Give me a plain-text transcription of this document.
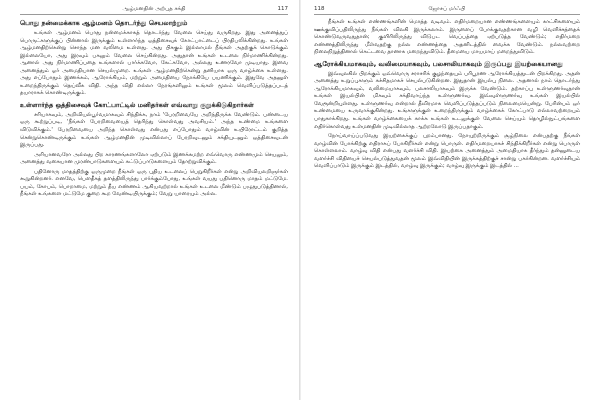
ஆழ்மனதின் அற்புத சக்தி	117
பொது நன்மைக்காக ஆழ்மனம் தொடர்ந்து செயலாற்றும்

உங்கள் ஆழ்மனம் பொது நன்மைக்காகத் தொடர்ந்து வேலை செய்து வருகிறது. இது அனைத்துப் பொருட்களுக்குப் பின்னால் இருக்கும் உள்ளார்ந்த ஒத்திசைவுக் கோட்பாட்டைப் பிரதிபலிக்கின்றது. உங்கள் ஆழ்மனதிற்கென்று சொந்த மன வலிமை உள்ளது. அது பிசகும் இல்லாமல் நீங்கள் அதற்குக் கொடுக்கும் இல்லையோ, அது இரவும் பகலும் வேலை செய்கின்றது. அதுதான் உங்கள் உடலை நிர்மாணிக்கின்றது. ஆனால் அது நிர்மாணிப்பதை உங்களால் பார்க்கவோ, கேட்கவோ, அல்லது உணரவோ முடியாது. இவை அனைத்தும் ஓர் அமைதியான செயல்முறை. உங்கள் ஆழ்மனதிற்கென்று தனியாக ஒரு வாழ்க்கை உள்ளது. அது எப்போதும் இணக்கம், ஆரோக்கியம், மற்றும் அமைதியை நோக்கியே பயணிக்கும். இதுவே அதனுள் உறைந்திருக்கும் தெய்வீக விதி. அந்த விதி எல்லா நேரங்களிலும் உங்கள் மூலம் வெளிப்படுத்தப்படத் தயாராகக் கொண்டிருக்கும்.

உள்ளார்ந்த ஒத்திசைவுக் கோட்பாட்டில் மனிதர்கள் எவ்வாறு குறுக்கிடுகிறார்கள்

சரியாகவும், அறிவியல்பூர்வமாகவும் சிந்திக்க, நாம் 'பேரறிவையே அறிந்திருக்க வேண்டும். பண்டைய ஒரு கூற்றுப்படி, 'நீங்கள் பேரறிவையைத் தெரிந்து கொள்வது அவசியம்.' அந்த உண்மை உங்களை விடுவிக்கும்.' பேரறிவையை அறிந்த கொள்வது என்பது எப்போதும் வாழ்வின் உயிரோட்டம் குறித்த சென்றுகொண்டிருக்கும் உங்கள் ஆழ்மனதின் முடிவில்லாப் பேரறிவுடனும் சக்தியுடனும் ஒத்திசைவுடன் இருப்பது.

அரியானவரோ அல்லது பிற காரணங்களாலோ ஏற்படும் இணக்கமற்ற எவ்வொரு எண்ணமும் செயலும், அனைத்து வகையான முரண்பாடுகளையும் கட்டுப்பாடுகளையும் தோற்றுவிக்கும்.

பதினோரு மாதத்திற்கு ஒருமுறை நீங்கள் ஒரு புதிய உடலைப் பெறுகிறீர்கள் என்று அறிவியலறிஞர்கள் கூறுகின்றனர். எனவே, பௌதீகத் தளத்திலிருந்து பார்க்கும்போது, உங்கள் வயது பதினொரு மாதம் மட்டுமே. பயம், கோபம், பொறாமை, மற்றும் தீய எண்ணம் ஆகியவற்றால் உங்கள் உடலை மீண்டும் பழுதுபடுத்தினால், நீங்கள் உங்களை மட்டுமே குறை கூற வேண்டியிருக்கும்; வேறு யாரையும் அல்ல.

118	ஜோசப் மர்ஃபி

நீங்கள் உங்கள் எண்ணங்களின் மொத்த வடிவம். எதிர்மறையான எண்ணங்களையும் காட்சிகளையும் ஊக்குவிப்பதிலிருந்து நீங்கள் விலகி இருக்கலாம். இருளைப் போக்குவதற்கான வழி வெளிச்சத்தைக் கொண்டுவருவதுதான்; குளிரிலிருந்து விடுபட வெப்பத்தை ஏற்படுத்த வேண்டும்; எதிர்மறை எண்ணத்திலிருந்து மீள்வதற்கு நல்ல எண்ணத்தை அதனிடத்தில் வைக்க வேண்டும். நல்லவற்றை நிலைநிறுத்தினால் கெட்டவை தானாக மறைந்துவிடும். தீமையை மாயமாய் மறைந்துவிடும்.

ஆரோக்கியமாகவும், வலிமையாகவும், பலசாலியாகவும் இருப்பது இயற்கையானது

இவ்வுலகில் பிறக்கும் ஒவ்வொரு சராசரிக் குழந்தையும் பரிபூரண ஆரோக்கியத்துடன் பிறக்கிறது. அதன் அனைத்து உறுப்புகளும் கச்சிதமாகச் செயல்படுகின்றன. இதுதான் இயல்பு நிலை. அதனால் நாம் தொடர்ந்து ஆரோக்கியமாகவும், வலிமையாகவும், பலசாலியாகவும் இருக்க வேண்டும். தற்காப்பு உள்ளுணர்வுதான் உங்கள் இயல்பின் மிகவும் சக்திவாய்ந்த உள்ளுணர்வு. இவ்வுள்ளுணர்வு உங்கள் இயல்பில் வேரூன்றியுள்ளது. உள்ளுணர்வு என்றால் தீவிரமாக வெளிப்படுத்தப்படும் நிலைமையென்று. பேரின்பம் ஒர் உண்மையை உருவாக்குகின்றது. உங்களுக்குள் உறைந்திருக்கும் வாழ்க்கைக் கோட்பாடு எல்லாவற்றையும் பாதுகாக்கிறது. உங்கள் வாழ்க்கையைக் காக்க உங்கள் உடலுக்குள் வேலை செய்யும் தொழில்நுட்பங்களை எதிர்கொள்வது உள்மனதின் முடிவில்லாத ஆற்றலோடு இருப்பதாகும்.

நோய்வாய்ப்படுவது இயற்கைக்குப் புறம்பானது. நோயுற்றிருக்கும் சூழ்நிலை என்பதற்கு நீங்கள் வாழ்வின் போக்கிற்கு எதிராகப் போகிறீர்கள் என்று பொருள். எதிர்மறையாகச் சிந்திக்கிறீர்கள் என்று பொருள் கொள்ளலாம். வாழ்வு விதி என்பது வளர்ச்சி விதி. இயற்கை அனைத்தும் அமைதியாக தீர்ந்தும் தன்னுடைய வளர்ச்சி விதியைச் செயல்படுத்துவதன் மூலம் இவ்விதியின் இருக்கத்திற்குச் சான்று பகர்கின்றன. வளர்ச்சியும் வெளிப்பாடும் இருக்கும் இடத்தில், வாழ்வு இருக்கும்; வாழ்வு இருக்கும் இடத்தில் ...
